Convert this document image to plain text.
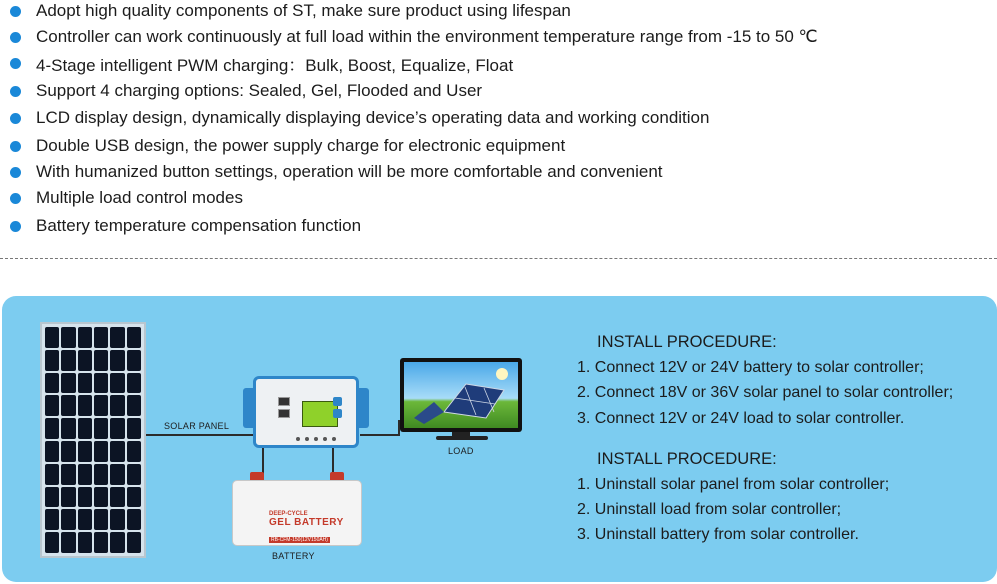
Adopt high quality components of ST, make sure product using lifespan
Controller can work continuously at full load within the environment temperature range from -15 to 50 ℃
4-Stage intelligent PWM charging：Bulk, Boost, Equalize, Float
Support 4 charging options: Sealed, Gel, Flooded and User
LCD display design, dynamically displaying device’s operating data and working condition
Double USB design, the power supply charge for electronic equipment
With humanized button settings, operation will be more comfortable and convenient
Multiple load control modes
Battery temperature compensation function
SOLAR PANEL
LOAD
DEEP-CYCLE
GEL BATTERY
RB-CFM-150(12V150AH)
BATTERY
INSTALL PROCEDURE:
1. Connect 12V or 24V battery to solar controller;
2. Connect 18V or 36V solar panel to solar controller;
3. Connect 12V or 24V load to solar controller.
INSTALL PROCEDURE:
1. Uninstall solar panel from solar controller;
2. Uninstall load from solar controller;
3. Uninstall battery from solar controller.
